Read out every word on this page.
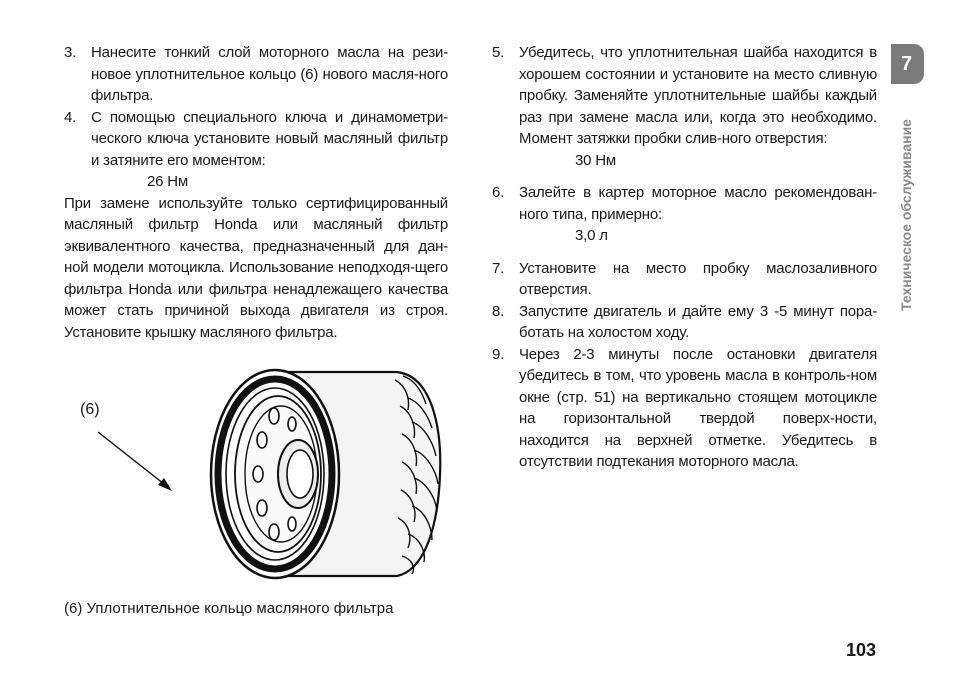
3. Нанесите тонкий слой моторного масла на рези-новое уплотнительное кольцо (6) нового масля-ного фильтра.
4. С помощью специального ключа и динамометри-ческого ключа установите новый масляный фильтр и затяните его моментом:
26 Нм
При замене используйте только сертифицированный масляный фильтр Honda или масляный фильтр эквивалентного качества, предназначенный для дан-ной модели мотоцикла. Использование неподходя-щего фильтра Honda или фильтра ненадлежащего качества может стать причиной выхода двигателя из строя. Установите крышку масляного фильтра.
(6)
(6) Уплотнительное кольцо масляного фильтра
5. Убедитесь, что уплотнительная шайба находится в хорошем состоянии и установите на место сливную пробку. Заменяйте уплотнительные шайбы каждый раз при замене масла или, когда это необходимо. Момент затяжки пробки слив-ного отверстия:
30 Нм
6. Залейте в картер моторное масло рекомендован-ного типа, примерно:
3,0 л
7. Установите на место пробку маслозаливного отверстия.
8. Запустите двигатель и дайте ему 3 -5 минут пора-ботать на холостом ходу.
9. Через 2-3 минуты после остановки двигателя убедитесь в том, что уровень масла в контроль-ном окне (стр. 51) на вертикально стоящем мотоцикле на горизонтальной твердой поверх-ности, находится на верхней отметке. Убедитесь в отсутствии подтекания моторного масла.
7
Техническое обслуживание
103
